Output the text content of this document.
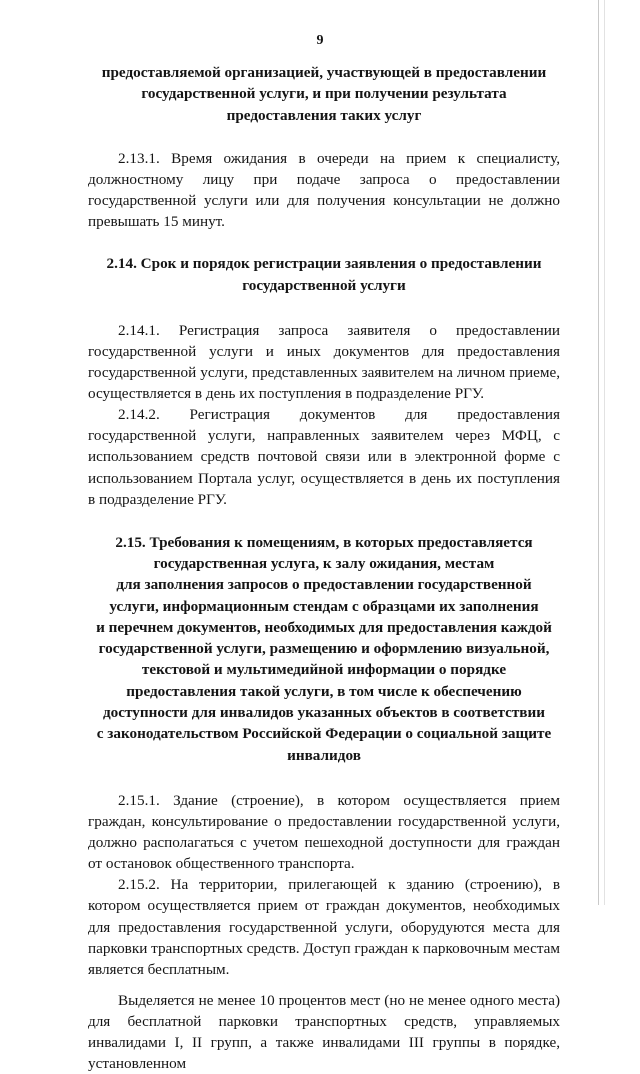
9
предоставляемой организацией, участвующей в предоставлении
государственной услуги, и при получении результата
предоставления таких услуг

2.13.1. Время ожидания в очереди на прием к специалисту, должностному лицу при подаче запроса о предоставлении государственной услуги или для получения консультации не должно превышать 15 минут.

2.14. Срок и порядок регистрации заявления о предоставлении
государственной услуги

2.14.1. Регистрация запроса заявителя о предоставлении государственной услуги и иных документов для предоставления государственной услуги, представленных заявителем на личном приеме, осуществляется в день их поступления в подразделение РГУ.

2.14.2. Регистрация документов для предоставления государственной услуги, направленных заявителем через МФЦ, с использованием средств почтовой связи или в электронной форме с использованием Портала услуг, осуществляется в день их поступления в подразделение РГУ.

2.15. Требования к помещениям, в которых предоставляется
государственная услуга, к залу ожидания, местам
для заполнения запросов о предоставлении государственной
услуги, информационным стендам с образцами их заполнения
и перечнем документов, необходимых для предоставления каждой
государственной услуги, размещению и оформлению визуальной,
текстовой и мультимедийной информации о порядке
предоставления такой услуги, в том числе к обеспечению
доступности для инвалидов указанных объектов в соответствии
с законодательством Российской Федерации о социальной защите
инвалидов

2.15.1. Здание (строение), в котором осуществляется прием граждан, консультирование о предоставлении государственной услуги, должно располагаться с учетом пешеходной доступности для граждан от остановок общественного транспорта.

2.15.2. На территории, прилегающей к зданию (строению), в котором осуществляется прием от граждан документов, необходимых для предоставления государственной услуги, оборудуются места для парковки транспортных средств. Доступ граждан к парковочным местам является бесплатным.

Выделяется не менее 10 процентов мест (но не менее одного места) для бесплатной парковки транспортных средств, управляемых инвалидами I, II групп, а также инвалидами III группы в порядке, установленном
